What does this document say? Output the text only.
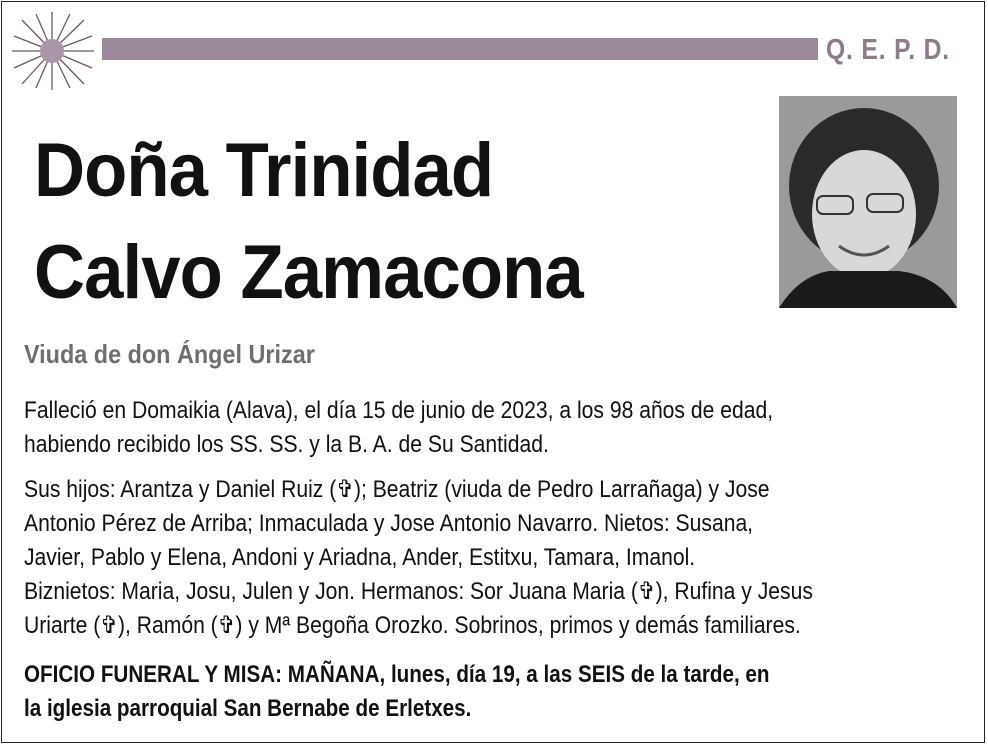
Q. E. P. D.
Doña Trinidad
Calvo Zamacona
Viuda de don Ángel Urizar
Falleció en Domaikia (Alava), el día 15 de junio de 2023, a los 98 años de edad,
habiendo recibido los SS. SS. y la B. A. de Su Santidad.
Sus hijos: Arantza y Daniel Ruiz (✞); Beatriz (viuda de Pedro Larrañaga) y Jose
Antonio Pérez de Arriba; Inmaculada y Jose Antonio Navarro. Nietos: Susana,
Javier, Pablo y Elena, Andoni y Ariadna, Ander, Estitxu, Tamara, Imanol.
Biznietos: Maria, Josu, Julen y Jon. Hermanos: Sor Juana Maria (✞), Rufina y Jesus
Uriarte (✞), Ramón (✞) y Mª Begoña Orozko. Sobrinos, primos y demás familiares.
OFICIO FUNERAL Y MISA: MAÑANA, lunes, día 19, a las SEIS de la tarde, en
la iglesia parroquial San Bernabe de Erletxes.
